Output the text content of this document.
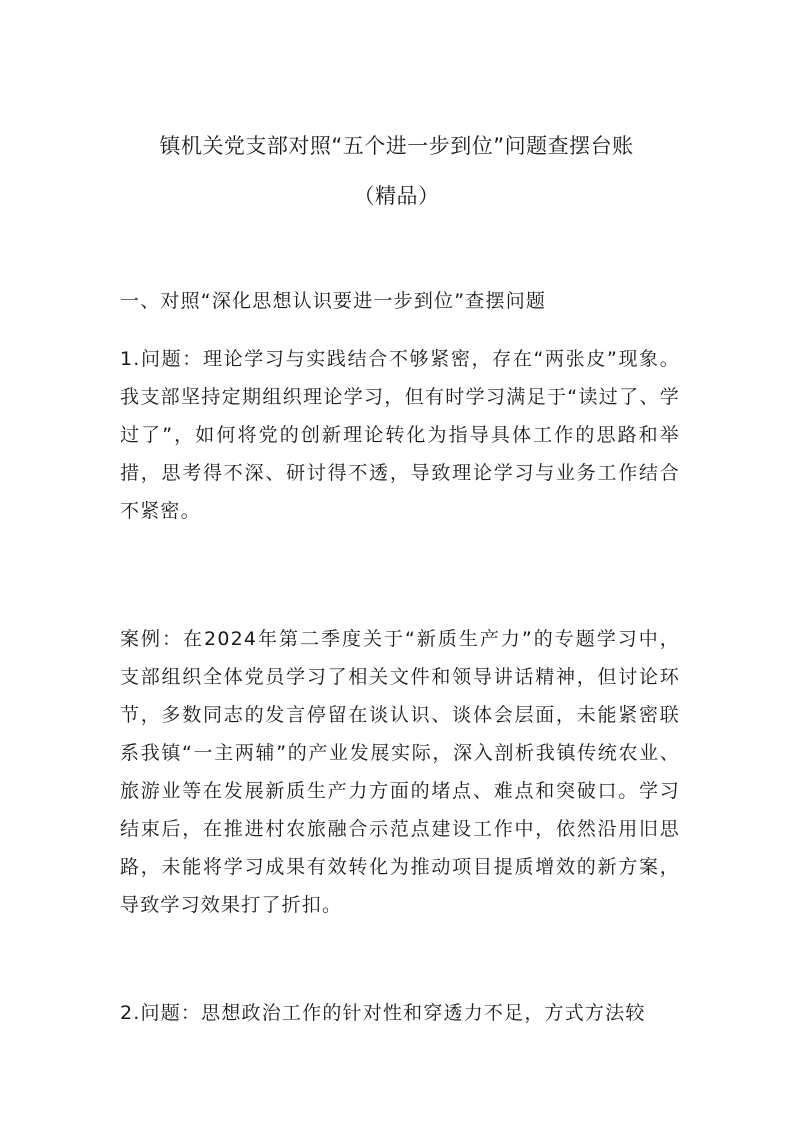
镇机关党支部对照“五个进一步到位”问题查摆台账
（精品）
一、对照“深化思想认识要进一步到位”查摆问题
1.问题：理论学习与实践结合不够紧密，存在“两张皮”现象。我支部坚持定期组织理论学习，但有时学习满足于“读过了、学过了”，如何将党的创新理论转化为指导具体工作的思路和举措，思考得不深、研讨得不透，导致理论学习与业务工作结合不紧密。
案例：在2024年第二季度关于“新质生产力”的专题学习中，支部组织全体党员学习了相关文件和领导讲话精神，但讨论环节，多数同志的发言停留在谈认识、谈体会层面，未能紧密联系我镇“一主两辅”的产业发展实际，深入剖析我镇传统农业、旅游业等在发展新质生产力方面的堵点、难点和突破口。学习结束后，在推进村农旅融合示范点建设工作中，依然沿用旧思路，未能将学习成果有效转化为推动项目提质增效的新方案，导致学习效果打了折扣。
2.问题：思想政治工作的针对性和穿透力不足，方式方法较
